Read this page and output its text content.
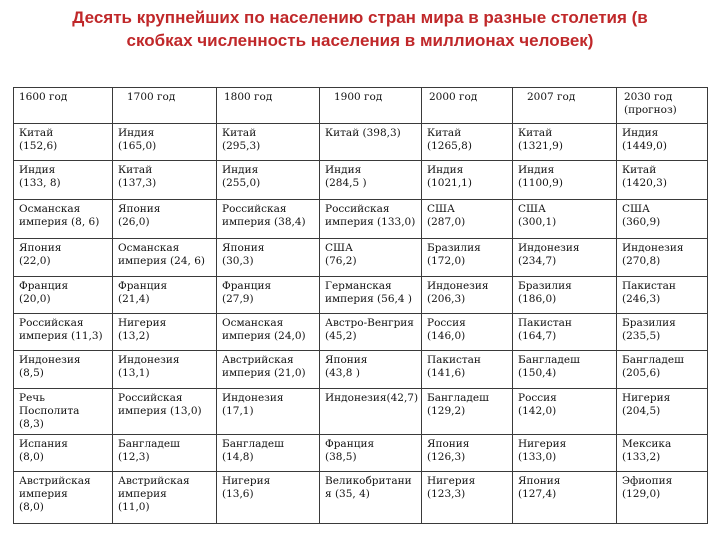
Десять крупнейших по населению стран мира в разные столетия (в
скобках численность населения в миллионах человек)
1600 год	1700 год	1800 год	1900 год	2000 год	2007 год	2030 год
(прогноз)

Китай
(152,6)	Индия
(165,0)	Китай
(295,3)	Китай (398,3)	Китай
(1265,8)	Китай
(1321,9)	Индия
(1449,0)

Индия
(133, 8)	Китай
(137,3)	Индия
(255,0)	Индия
(284,5 )	Индия
(1021,1)	Индия
(1100,9)	Китай
(1420,3)

Османская
империя (8, 6)	Япония
(26,0)	Российская
империя (38,4)	Российская
империя (133,0)	США
(287,0)	США
(300,1)	США
(360,9)

Япония
(22,0)	Османская
империя (24, 6)	Япония
(30,3)	США
(76,2)	Бразилия
(172,0)	Индонезия
(234,7)	Индонезия
(270,8)

Франция
(20,0)	Франция
(21,4)	Франция
(27,9)	Германская
империя (56,4 )	Индонезия
(206,3)	Бразилия
(186,0)	Пакистан
(246,3)

Российская
империя (11,3)	Нигерия
(13,2)	Османская
империя (24,0)	Австро-Венгрия
(45,2)	Россия
(146,0)	Пакистан
(164,7)	Бразилия
(235,5)

Индонезия
(8,5)	Индонезия
(13,1)	Австрийская
империя (21,0)	Япония
(43,8 )	Пакистан
(141,6)	Бангладеш
(150,4)	Бангладеш
(205,6)

Речь
Посполита
(8,3)	Российская
империя (13,0)	Индонезия
(17,1)	Индонезия(42,7)	Бангладеш
(129,2)	Россия
(142,0)	Нигерия
(204,5)

Испания
(8,0)	Бангладеш
(12,3)	Бангладеш
(14,8)	Франция
(38,5)	Япония
(126,3)	Нигерия
(133,0)	Мексика
(133,2)

Австрийская
империя
(8,0)	Австрийская
империя
(11,0)	Нигерия
(13,6)	Великобритани
я (35, 4)	Нигерия
(123,3)	Япония
(127,4)	Эфиопия
(129,0)
